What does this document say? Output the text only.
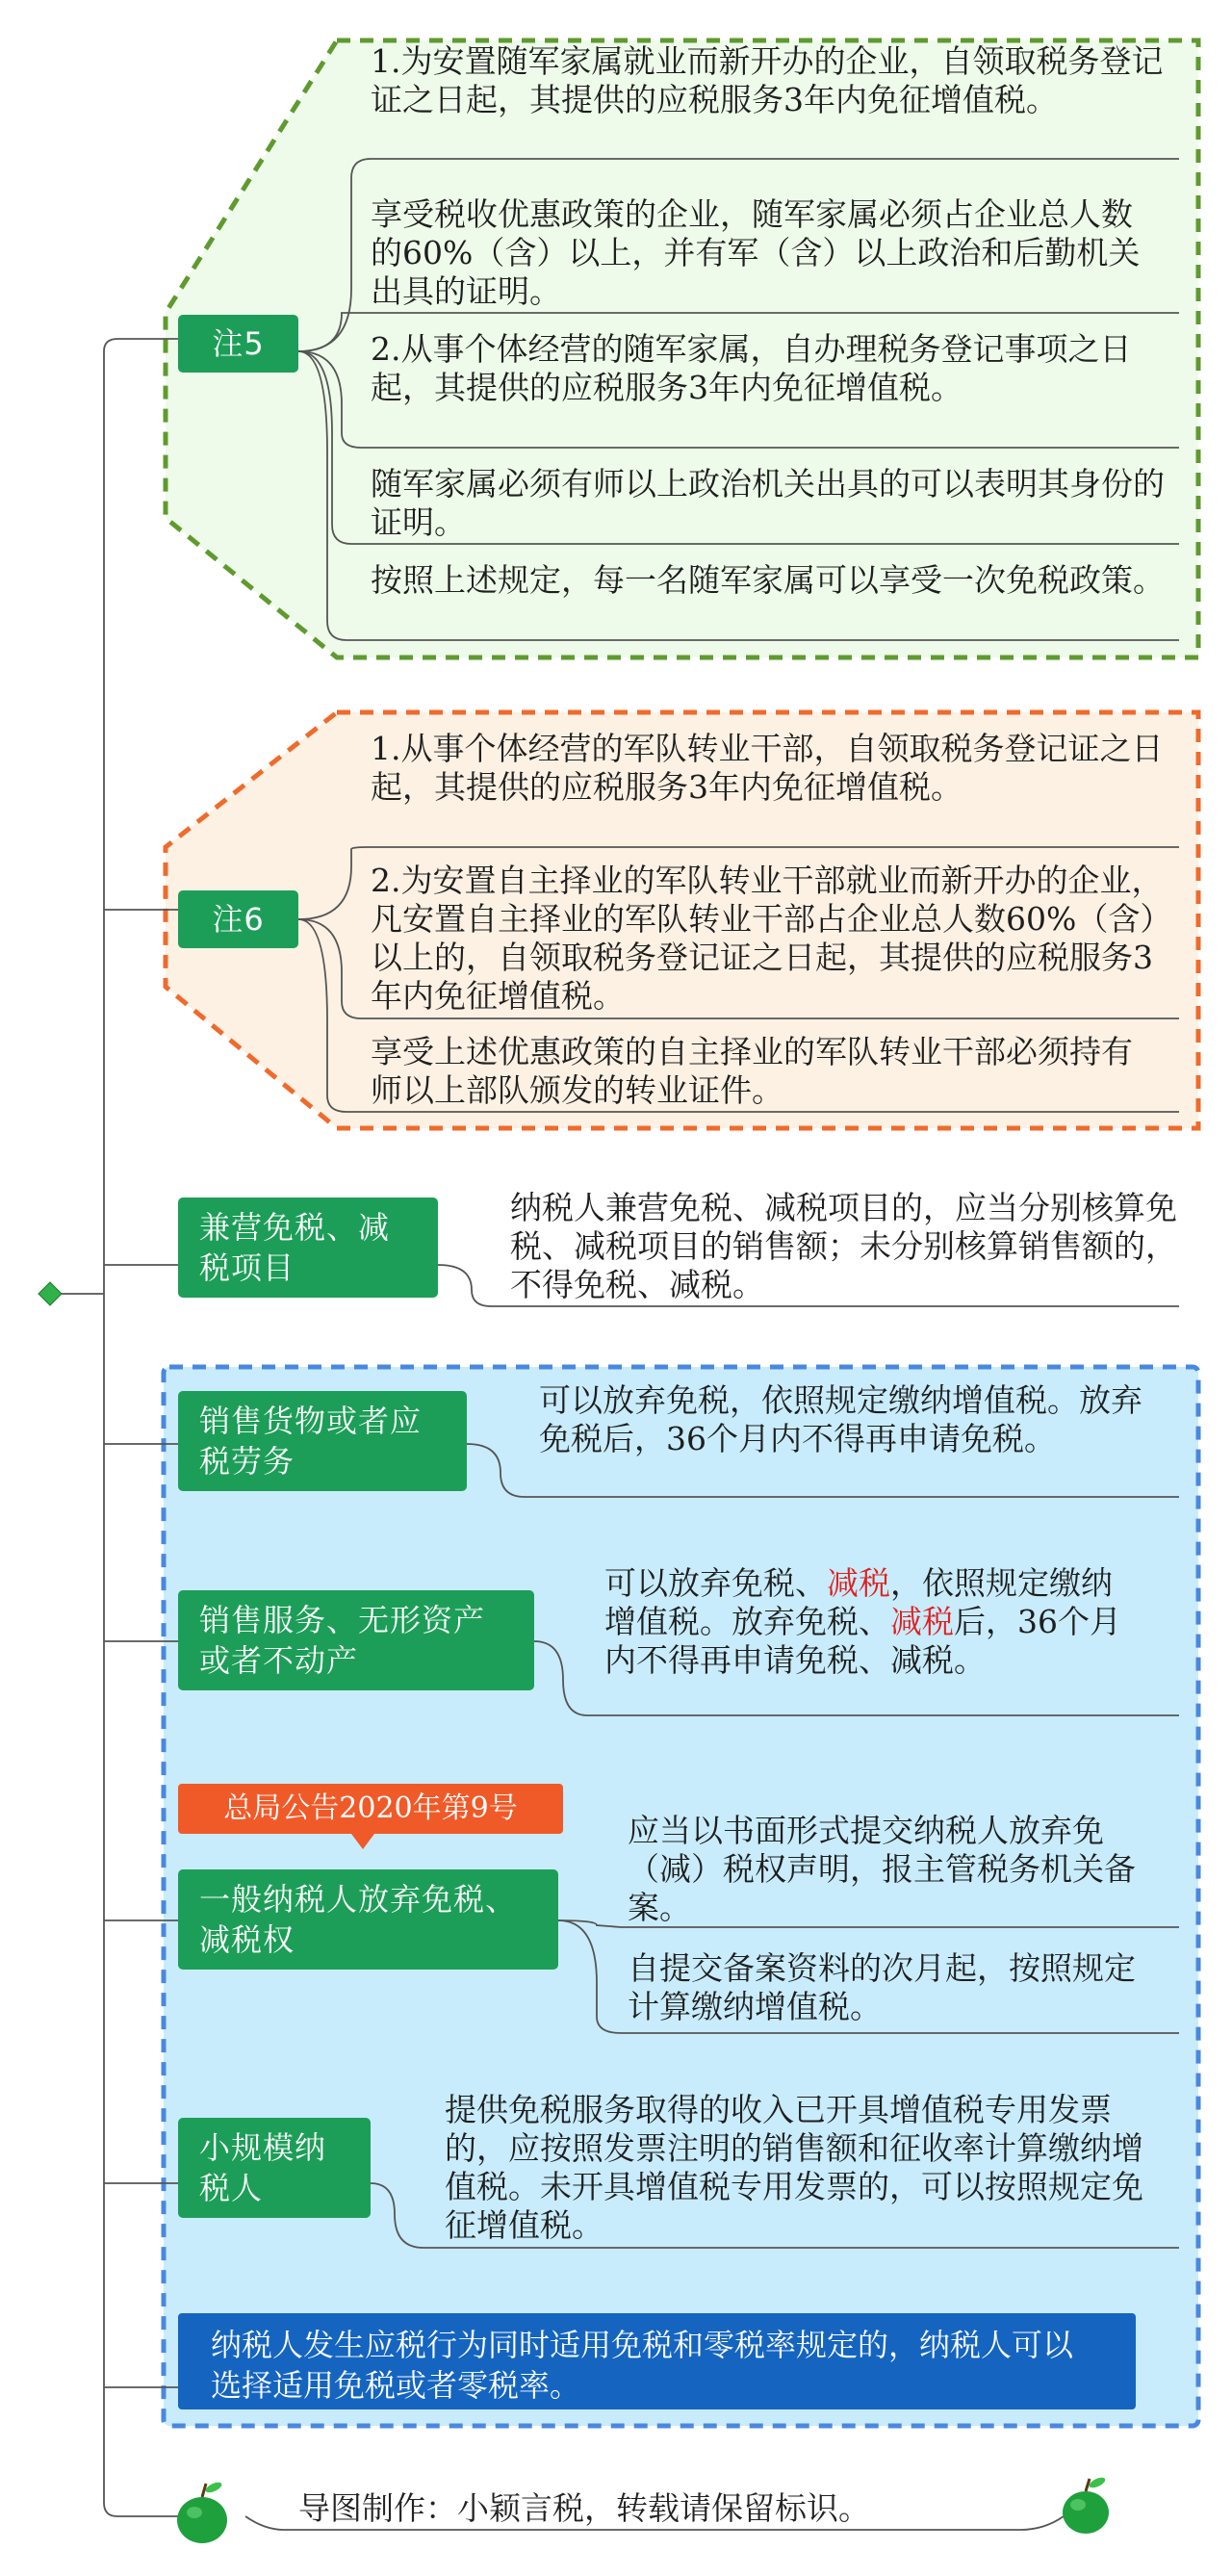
注5
1.为安置随军家属就业而新开办的企业，自领取税务登记证之日起，其提供的应税服务3年内免征增值税。
享受税收优惠政策的企业，随军家属必须占企业总人数的60%（含）以上，并有军（含）以上政治和后勤机关出具的证明。
2.从事个体经营的随军家属，自办理税务登记事项之日起，其提供的应税服务3年内免征增值税。
随军家属必须有师以上政治机关出具的可以表明其身份的证明。
按照上述规定，每一名随军家属可以享受一次免税政策。
注6
1.从事个体经营的军队转业干部，自领取税务登记证之日起，其提供的应税服务3年内免征增值税。
2.为安置自主择业的军队转业干部就业而新开办的企业，凡安置自主择业的军队转业干部占企业总人数60%（含）以上的，自领取税务登记证之日起，其提供的应税服务3年内免征增值税。
享受上述优惠政策的自主择业的军队转业干部必须持有师以上部队颁发的转业证件。
兼营免税、减税项目
纳税人兼营免税、减税项目的，应当分别核算免税、减税项目的销售额；未分别核算销售额的，不得免税、减税。
销售货物或者应税劳务
可以放弃免税，依照规定缴纳增值税。放弃免税后，36个月内不得再申请免税。
销售服务、无形资产或者不动产
可以放弃免税、减税，依照规定缴纳增值税。放弃免税、减税后，36个月内不得再申请免税、减税。
总局公告2020年第9号
一般纳税人放弃免税、减税权
应当以书面形式提交纳税人放弃免（减）税权声明，报主管税务机关备案。
自提交备案资料的次月起，按照规定计算缴纳增值税。
小规模纳税人
提供免税服务取得的收入已开具增值税专用发票的，应按照发票注明的销售额和征收率计算缴纳增值税。未开具增值税专用发票的，可以按照规定免征增值税。
纳税人发生应税行为同时适用免税和零税率规定的，纳税人可以选择适用免税或者零税率。
导图制作：小颖言税，转载请保留标识。
